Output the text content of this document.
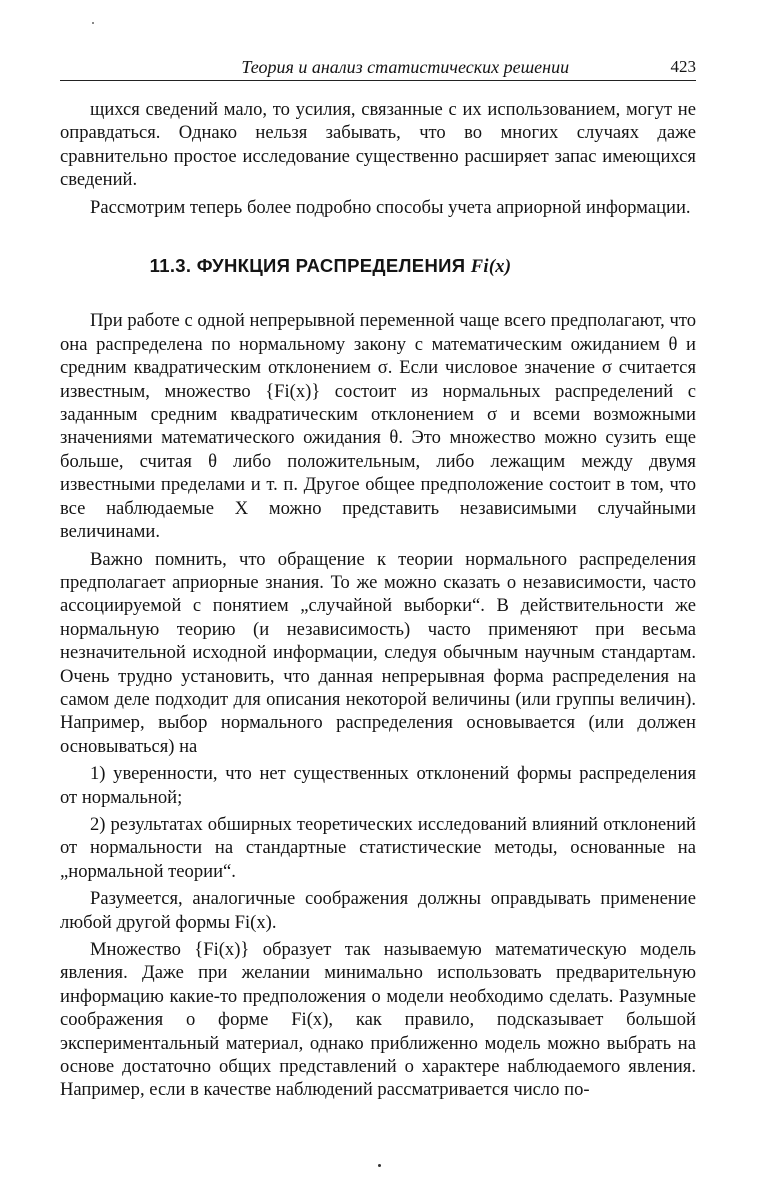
Теория и анализ статистических решении	423

щихся сведений мало, то усилия, связанные с их использованием, могут не оправдаться. Однако нельзя забывать, что во многих случаях даже сравнительно простое исследование существенно расширяет запас имеющихся сведений.

Рассмотрим теперь более подробно способы учета априорной информации.

11.3. ФУНКЦИЯ РАСПРЕДЕЛЕНИЯ Fi(x)

При работе с одной непрерывной переменной чаще всего предполагают, что она распределена по нормальному закону с математическим ожиданием θ и средним квадратическим отклонением σ. Если числовое значение σ считается известным, множество {Fi(x)} состоит из нормальных распределений с заданным средним квадратическим отклонением σ и всеми возможными значениями математического ожидания θ. Это множество можно сузить еще больше, считая θ либо положительным, либо лежащим между двумя известными пределами и т. п. Другое общее предположение состоит в том, что все наблюдаемые X можно представить независимыми случайными величинами.

Важно помнить, что обращение к теории нормального распределения предполагает априорные знания. То же можно сказать о независимости, часто ассоциируемой с понятием „случайной выборки“. В действительности же нормальную теорию (и независимость) часто применяют при весьма незначительной исходной информации, следуя обычным научным стандартам. Очень трудно установить, что данная непрерывная форма распределения на самом деле подходит для описания некоторой величины (или группы величин). Например, выбор нормального распределения основывается (или должен основываться) на

1) уверенности, что нет существенных отклонений формы распределения от нормальной;

2) результатах обширных теоретических исследований влияний отклонений от нормальности на стандартные статистические методы, основанные на „нормальной теории“.

Разумеется, аналогичные соображения должны оправдывать применение любой другой формы Fi(x).

Множество {Fi(x)} образует так называемую математическую модель явления. Даже при желании минимально использовать предварительную информацию какие-то предположения о модели необходимо сделать. Разумные соображения о форме Fi(x), как правило, подсказывает большой экспериментальный материал, однако приближенно модель можно выбрать на основе достаточно общих представлений о характере наблюдаемого явления. Например, если в качестве наблюдений рассматривается число по-
